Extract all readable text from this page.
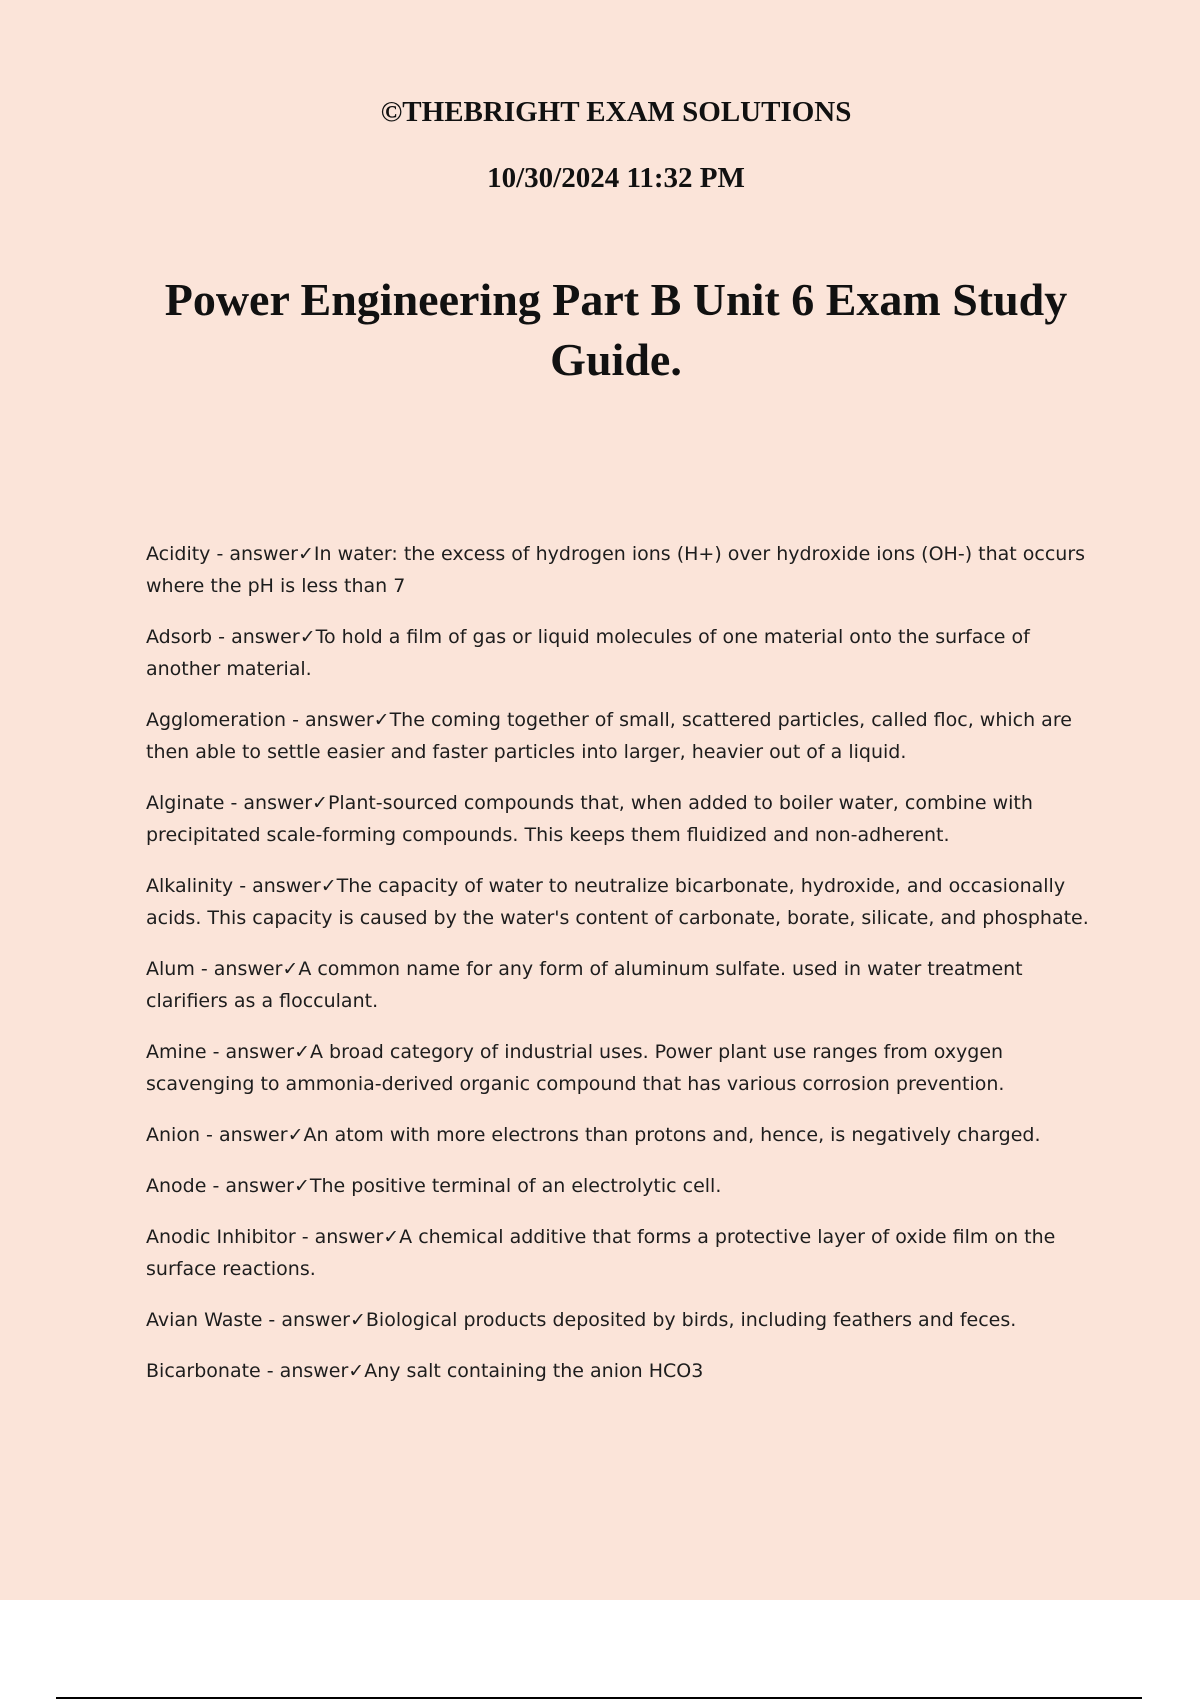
©THEBRIGHT EXAM SOLUTIONS

10/30/2024 11:32 PM

Power Engineering Part B Unit 6 Exam Study Guide.
Acidity - answer✓In water: the excess of hydrogen ions (H+) over hydroxide ions (OH-) that occurs where the pH is less than 7
Adsorb - answer✓To hold a film of gas or liquid molecules of one material onto the surface of another material.
Agglomeration - answer✓The coming together of small, scattered particles, called floc, which are then able to settle easier and faster particles into larger, heavier out of a liquid.
Alginate - answer✓Plant-sourced compounds that, when added to boiler water, combine with precipitated scale-forming compounds. This keeps them fluidized and non-adherent.
Alkalinity - answer✓The capacity of water to neutralize bicarbonate, hydroxide, and occasionally acids. This capacity is caused by the water's content of carbonate, borate, silicate, and phosphate.
Alum - answer✓A common name for any form of aluminum sulfate. used in water treatment clarifiers as a flocculant.
Amine - answer✓A broad category of industrial uses. Power plant use ranges from oxygen scavenging to ammonia-derived organic compound that has various corrosion prevention.
Anion - answer✓An atom with more electrons than protons and, hence, is negatively charged.
Anode - answer✓The positive terminal of an electrolytic cell.
Anodic Inhibitor - answer✓A chemical additive that forms a protective layer of oxide film on the surface reactions.
Avian Waste - answer✓Biological products deposited by birds, including feathers and feces.
Bicarbonate - answer✓Any salt containing the anion HCO3
